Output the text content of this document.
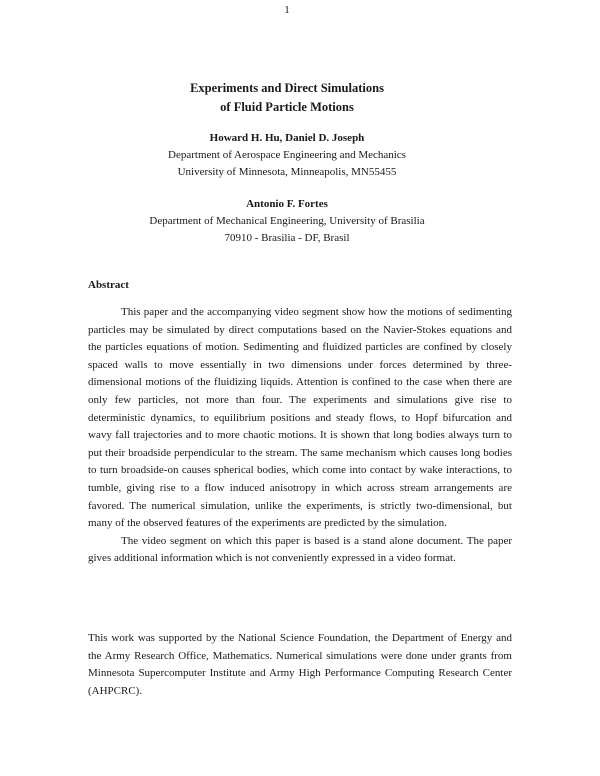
1
Experiments and Direct Simulations
of Fluid Particle Motions
Howard H. Hu, Daniel D. Joseph
Department of Aerospace Engineering and Mechanics
University of Minnesota, Minneapolis, MN55455
Antonio F. Fortes
Department of Mechanical Engineering, University of Brasilia
70910 - Brasilia - DF, Brasil
Abstract

This paper and the accompanying video segment show how the motions of sedimenting particles may be simulated by direct computations based on the Navier-Stokes equations and the particles equations of motion. Sedimenting and fluidized particles are confined by closely spaced walls to move essentially in two dimensions under forces determined by three-dimensional motions of the fluidizing liquids. Attention is confined to the case when there are only few particles, not more than four. The experiments and simulations give rise to deterministic dynamics, to equilibrium positions and steady flows, to Hopf bifurcation and wavy fall trajectories and to more chaotic motions. It is shown that long bodies always turn to put their broadside perpendicular to the stream. The same mechanism which causes long bodies to turn broadside-on causes spherical bodies, which come into contact by wake interactions, to tumble, giving rise to a flow induced anisotropy in which across stream arrangements are favored. The numerical simulation, unlike the experiments, is strictly two-dimensional, but many of the observed features of the experiments are predicted by the simulation.

The video segment on which this paper is based is a stand alone document. The paper gives additional information which is not conveniently expressed in a video format.

This work was supported by the National Science Foundation, the Department of Energy and the Army Research Office, Mathematics. Numerical simulations were done under grants from Minnesota Supercomputer Institute and Army High Performance Computing Research Center (AHPCRC).
